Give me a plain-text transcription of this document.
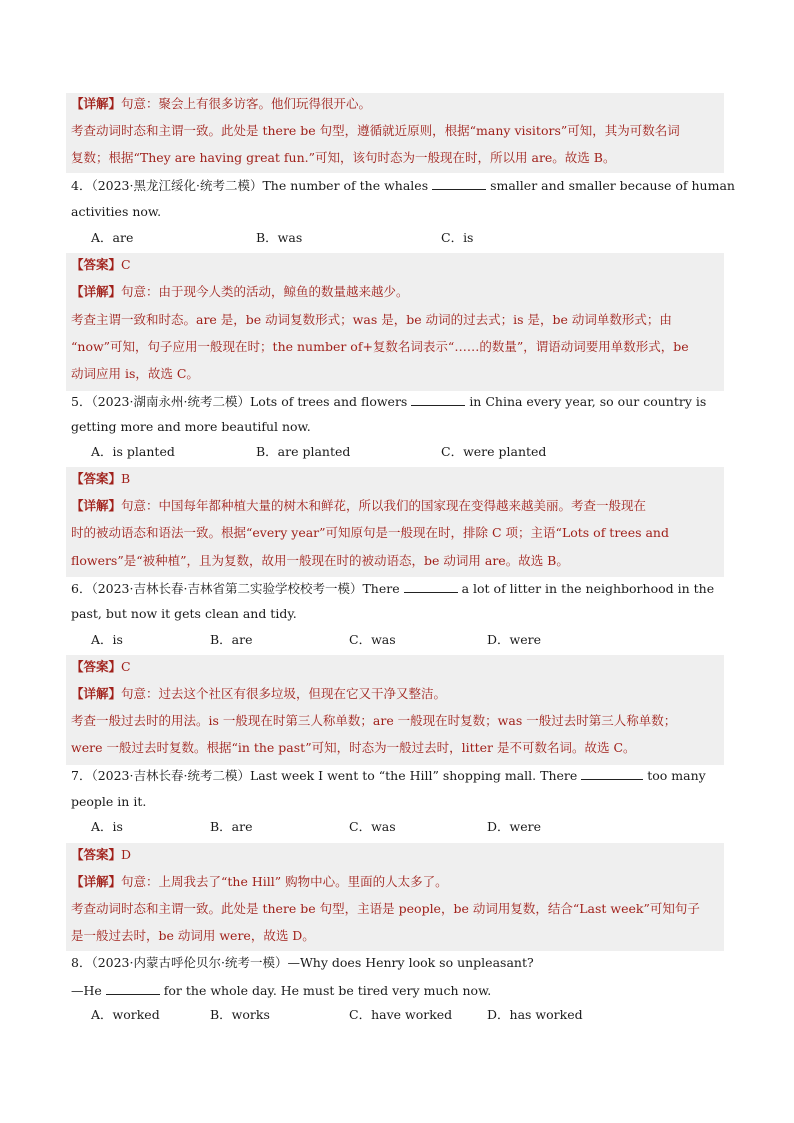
【详解】句意：聚会上有很多访客。他们玩得很开心。
考查动词时态和主谓一致。此处是 there be 句型，遵循就近原则，根据“many visitors”可知，其为可数名词
复数；根据“They are having great fun.”可知，该句时态为一般现在时，所以用 are。故选 B。
4．（2023·黑龙江绥化·统考二模）The number of the whales	smaller and smaller because of human
activities now.
A．are	B．was	C．is
【答案】C
【详解】句意：由于现今人类的活动，鲸鱼的数量越来越少。
考查主谓一致和时态。are 是，be 动词复数形式；was 是，be 动词的过去式；is 是，be 动词单数形式；由
“now”可知，句子应用一般现在时；the number of+复数名词表示“……的数量”，谓语动词要用单数形式，be
动词应用 is，故选 C。
5．（2023·湖南永州·统考二模）Lots of trees and flowers	in China every year, so our country is
getting more and more beautiful now.
A．is planted	B．are planted	C．were planted
【答案】B
【详解】句意：中国每年都种植大量的树木和鲜花，所以我们的国家现在变得越来越美丽。考查一般现在
时的被动语态和语法一致。根据“every year”可知原句是一般现在时，排除 C 项；主语“Lots of trees and
flowers”是“被种植”，且为复数，故用一般现在时的被动语态，be 动词用 are。故选 B。
6．（2023·吉林长春·吉林省第二实验学校校考一模）There	a lot of litter in the neighborhood in the
past, but now it gets clean and tidy.
A．is	B．are	C．was	D．were
【答案】C
【详解】句意：过去这个社区有很多垃圾，但现在它又干净又整洁。
考查一般过去时的用法。is 一般现在时第三人称单数；are 一般现在时复数；was 一般过去时第三人称单数；
were 一般过去时复数。根据“in the past”可知，时态为一般过去时，litter 是不可数名词。故选 C。
7．（2023·吉林长春·统考二模）Last week I went to “the Hill” shopping mall. There	too many
people in it.
A．is	B．are	C．was	D．were
【答案】D
【详解】句意：上周我去了“the Hill” 购物中心。里面的人太多了。
考查动词时态和主谓一致。此处是 there be 句型，主语是 people，be 动词用复数，结合“Last week”可知句子
是一般过去时，be 动词用 were，故选 D。
8．（2023·内蒙古呼伦贝尔·统考一模）—Why does Henry look so unpleasant?
—He	for the whole day. He must be tired very much now.
A．worked	B．works	C．have worked	D．has worked
